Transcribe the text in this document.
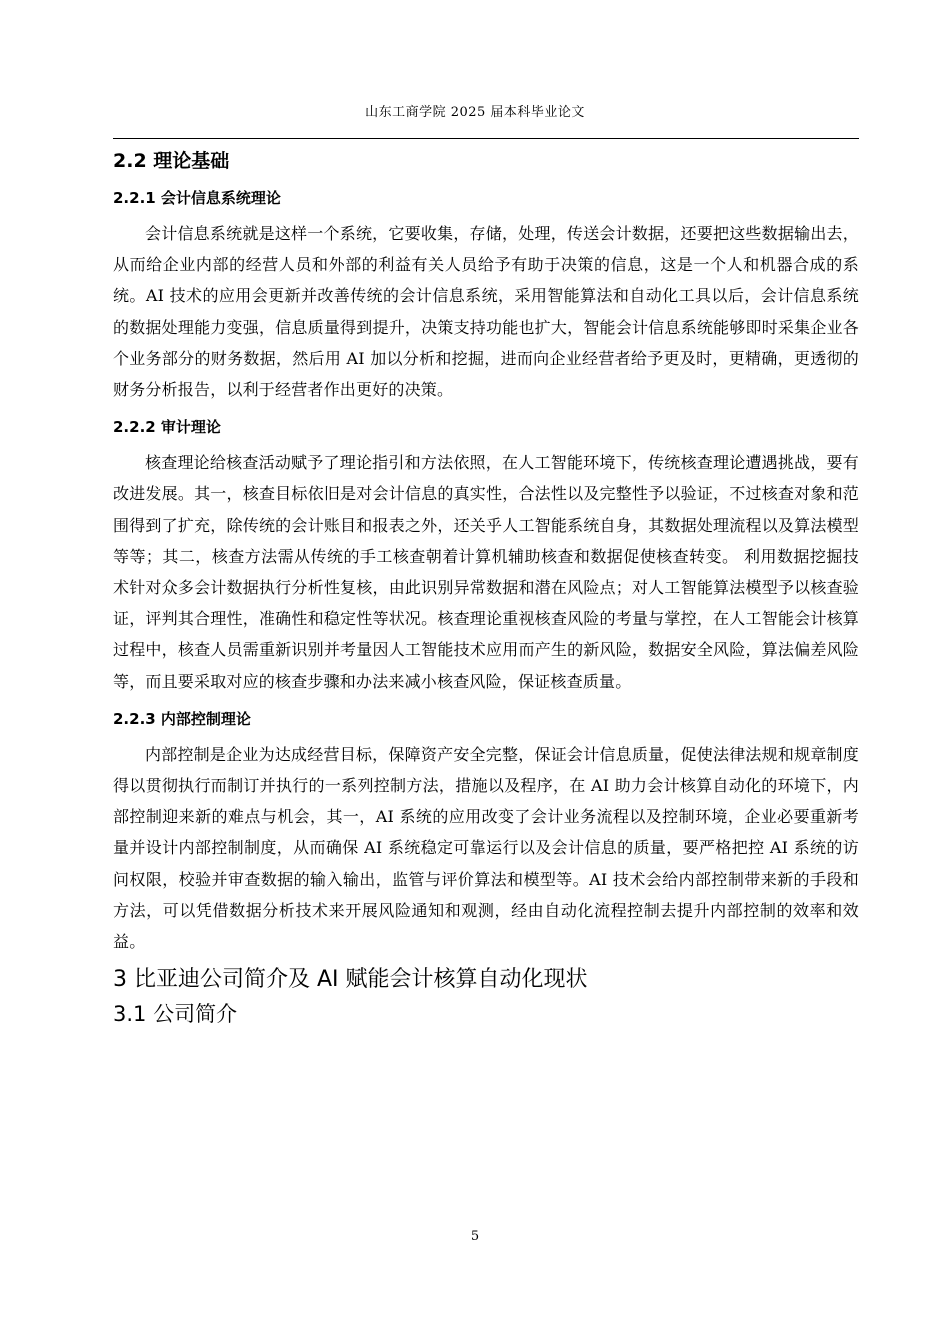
山东工商学院 2025 届本科毕业论文
2.2 理论基础
2.2.1 会计信息系统理论

会计信息系统就是这样一个系统，它要收集，存储，处理，传送会计数据，还要把这些数据输出去，从而给企业内部的经营人员和外部的利益有关人员给予有助于决策的信息，这是一个人和机器合成的系统。AI 技术的应用会更新并改善传统的会计信息系统，采用智能算法和自动化工具以后，会计信息系统的数据处理能力变强，信息质量得到提升，决策支持功能也扩大，智能会计信息系统能够即时采集企业各个业务部分的财务数据，然后用 AI 加以分析和挖掘，进而向企业经营者给予更及时，更精确，更透彻的财务分析报告，以利于经营者作出更好的决策。

2.2.2 审计理论

核查理论给核查活动赋予了理论指引和方法依照，在人工智能环境下，传统核查理论遭遇挑战，要有改进发展。其一，核查目标依旧是对会计信息的真实性，合法性以及完整性予以验证，不过核查对象和范围得到了扩充，除传统的会计账目和报表之外，还关乎人工智能系统自身，其数据处理流程以及算法模型等等；其二，核查方法需从传统的手工核查朝着计算机辅助核查和数据促使核查转变。 利用数据挖掘技术针对众多会计数据执行分析性复核，由此识别异常数据和潜在风险点；对人工智能算法模型予以核查验证，评判其合理性，准确性和稳定性等状况。核查理论重视核查风险的考量与掌控，在人工智能会计核算过程中，核查人员需重新识别并考量因人工智能技术应用而产生的新风险，数据安全风险，算法偏差风险等，而且要采取对应的核查步骤和办法来减小核查风险，保证核查质量。

2.2.3 内部控制理论

内部控制是企业为达成经营目标，保障资产安全完整，保证会计信息质量，促使法律法规和规章制度得以贯彻执行而制订并执行的一系列控制方法，措施以及程序，在 AI 助力会计核算自动化的环境下，内部控制迎来新的难点与机会，其一，AI 系统的应用改变了会计业务流程以及控制环境，企业必要重新考量并设计内部控制制度，从而确保 AI 系统稳定可靠运行以及会计信息的质量，要严格把控 AI 系统的访问权限，校验并审查数据的输入输出，监管与评价算法和模型等。AI 技术会给内部控制带来新的手段和方法，可以凭借数据分析技术来开展风险通知和观测，经由自动化流程控制去提升内部控制的效率和效益。

3 比亚迪公司简介及 AI 赋能会计核算自动化现状
3.1 公司简介
5
